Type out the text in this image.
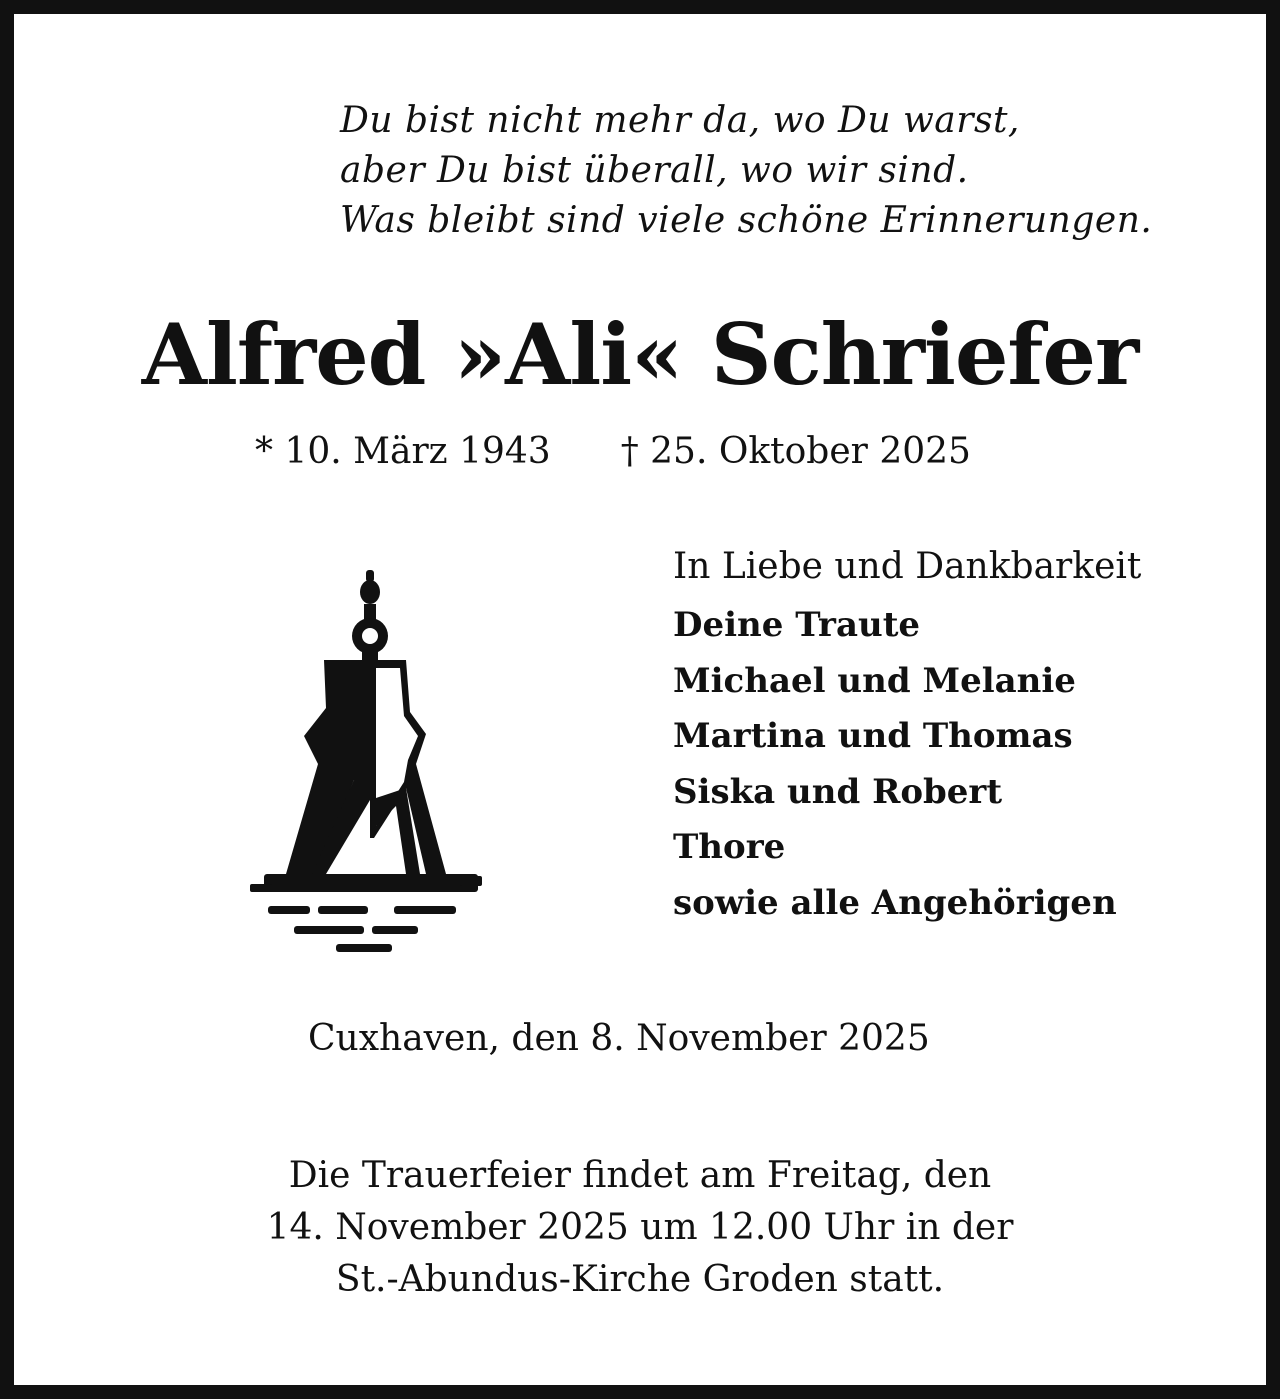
Du bist nicht mehr da, wo Du warst,
aber Du bist überall, wo wir sind.
Was bleibt sind viele schöne Erinnerungen.
Alfred »Ali« Schriefer
* 10. März 1943 † 25. Oktober 2025
In Liebe und Dankbarkeit
Deine Traute
Michael und Melanie
Martina und Thomas
Siska und Robert
Thore
sowie alle Angehörigen
Cuxhaven, den 8. November 2025
Die Trauerfeier findet am Freitag, den
14. November 2025 um 12.00 Uhr in der
St.-Abundus-Kirche Groden statt.
